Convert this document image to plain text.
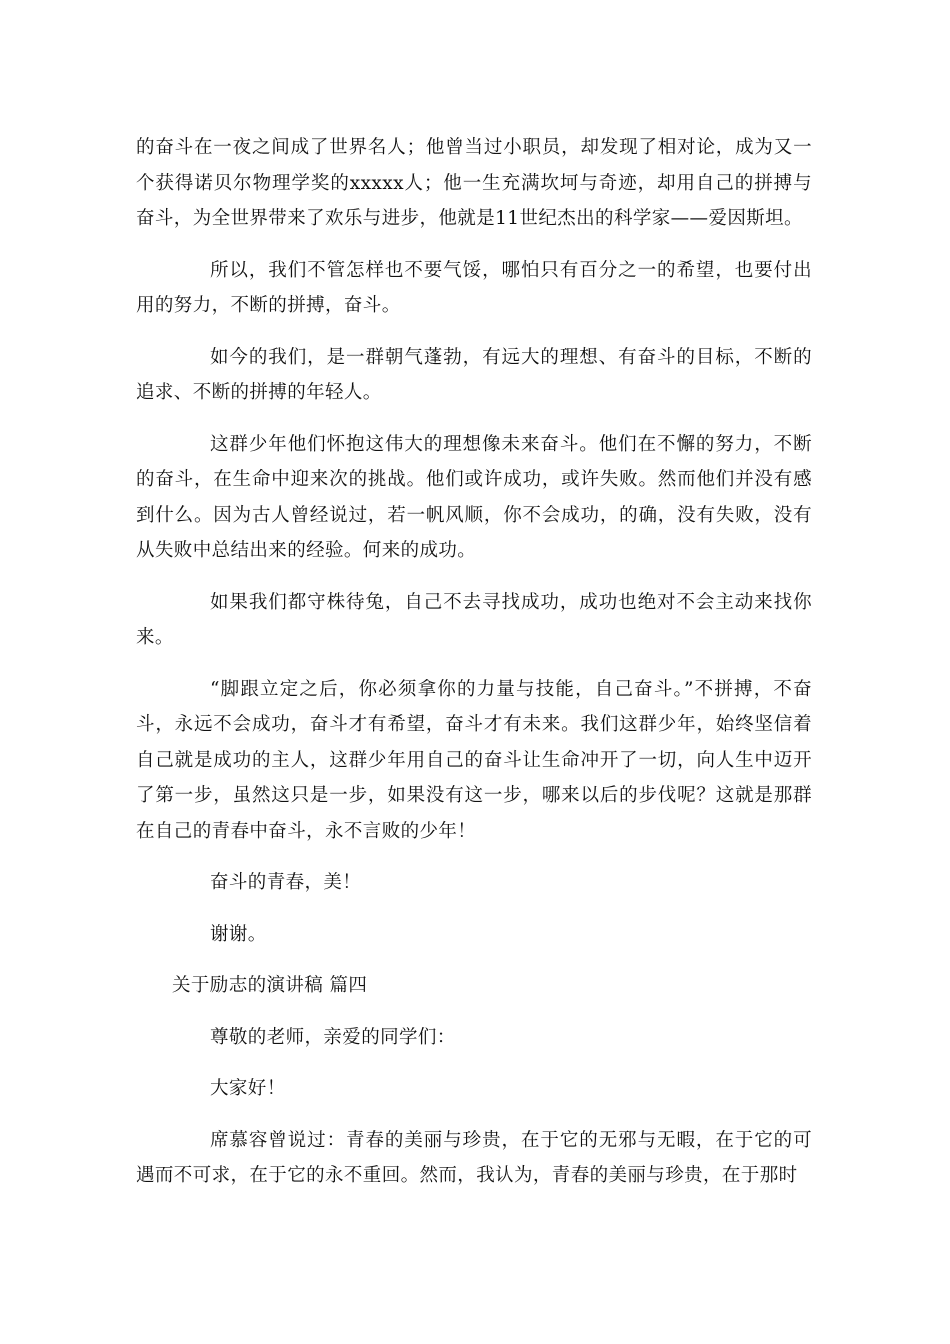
的奋斗在一夜之间成了世界名人；他曾当过小职员，却发现了相对论，成为又一个获得诺贝尔物理学奖的xxxxx人；他一生充满坎坷与奇迹，却用自己的拼搏与奋斗，为全世界带来了欢乐与进步，他就是11世纪杰出的科学家——爱因斯坦。

所以，我们不管怎样也不要气馁，哪怕只有百分之一的希望，也要付出用的努力，不断的拼搏，奋斗。

如今的我们，是一群朝气蓬勃，有远大的理想、有奋斗的目标，不断的追求、不断的拼搏的年轻人。

这群少年他们怀抱这伟大的理想像未来奋斗。他们在不懈的努力，不断的奋斗，在生命中迎来次的挑战。他们或许成功，或许失败。然而他们并没有感到什么。因为古人曾经说过，若一帆风顺，你不会成功，的确，没有失败，没有从失败中总结出来的经验。何来的成功。

如果我们都守株待兔，自己不去寻找成功，成功也绝对不会主动来找你来。

“脚跟立定之后，你必须拿你的力量与技能，自己奋斗。”不拼搏，不奋斗，永远不会成功，奋斗才有希望，奋斗才有未来。我们这群少年，始终坚信着自己就是成功的主人，这群少年用自己的奋斗让生命冲开了一切，向人生中迈开了第一步，虽然这只是一步，如果没有这一步，哪来以后的步伐呢？这就是那群在自己的青春中奋斗，永不言败的少年！

奋斗的青春，美！

谢谢。

关于励志的演讲稿 篇四

尊敬的老师，亲爱的同学们：

大家好！

席慕容曾说过：青春的美丽与珍贵，在于它的无邪与无暇，在于它的可遇而不可求，在于它的永不重回。然而，我认为，青春的美丽与珍贵，在于那时
